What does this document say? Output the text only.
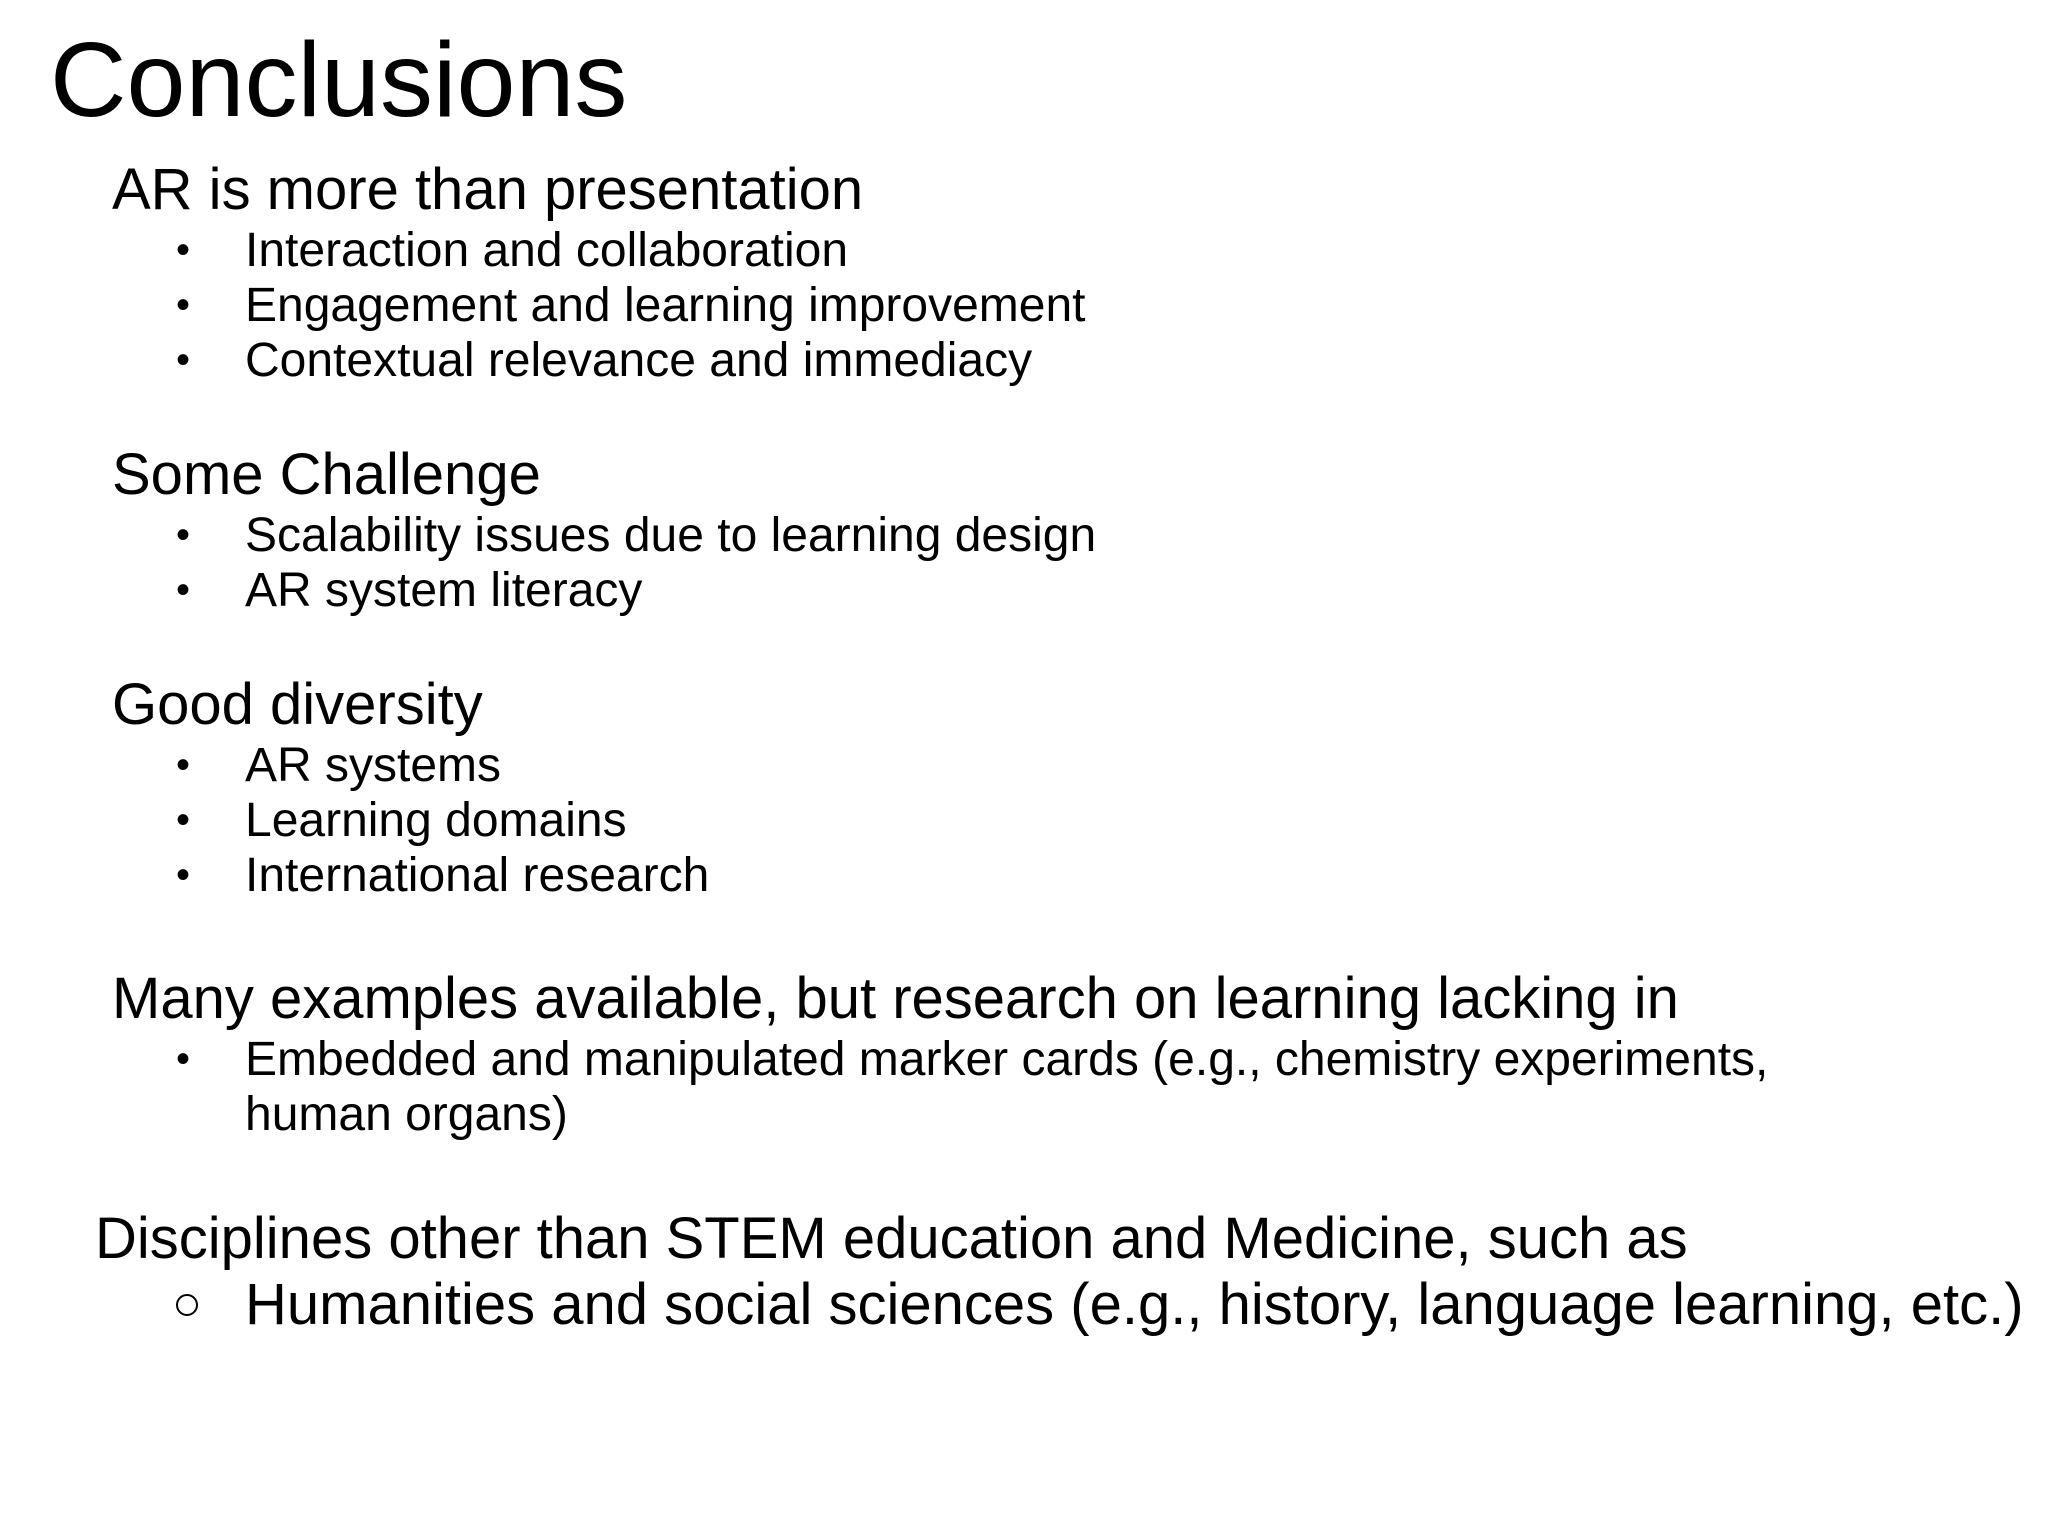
Conclusions
AR is more than presentation
• Interaction and collaboration
• Engagement and learning improvement
• Contextual relevance and immediacy
Some Challenge
• Scalability issues due to learning design
• AR system literacy
Good diversity
• AR systems
• Learning domains
• International research
Many examples available, but research on learning lacking in
• Embedded and manipulated marker cards (e.g., chemistry experiments, human organs)
Disciplines other than STEM education and Medicine, such as
Humanities and social sciences (e.g., history, language learning, etc.)
